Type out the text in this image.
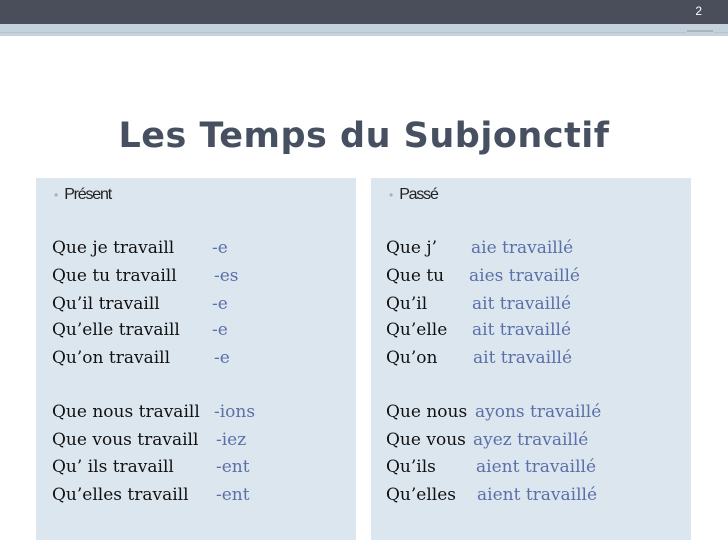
2
Les Temps du Subjonctif
• Présent
Que je travaill -e
Que tu travaill -es
Qu’il travaill	-e
Qu’elle travaill -e
Qu’on travaill	-e
Que nous travaill -ions
Que vous travaill -iez
Qu’ ils travaill -ent
Qu’elles travaill -ent
• Passé
Que j’ aie travaillé
Que tu aies travaillé
Qu’il	ait travaillé
Qu’elle ait travaillé
Qu’on ait travaillé
Que nous ayons travaillé
Que vous ayez travaillé
Qu’ils aient travaillé
Qu’elles aient travaillé
